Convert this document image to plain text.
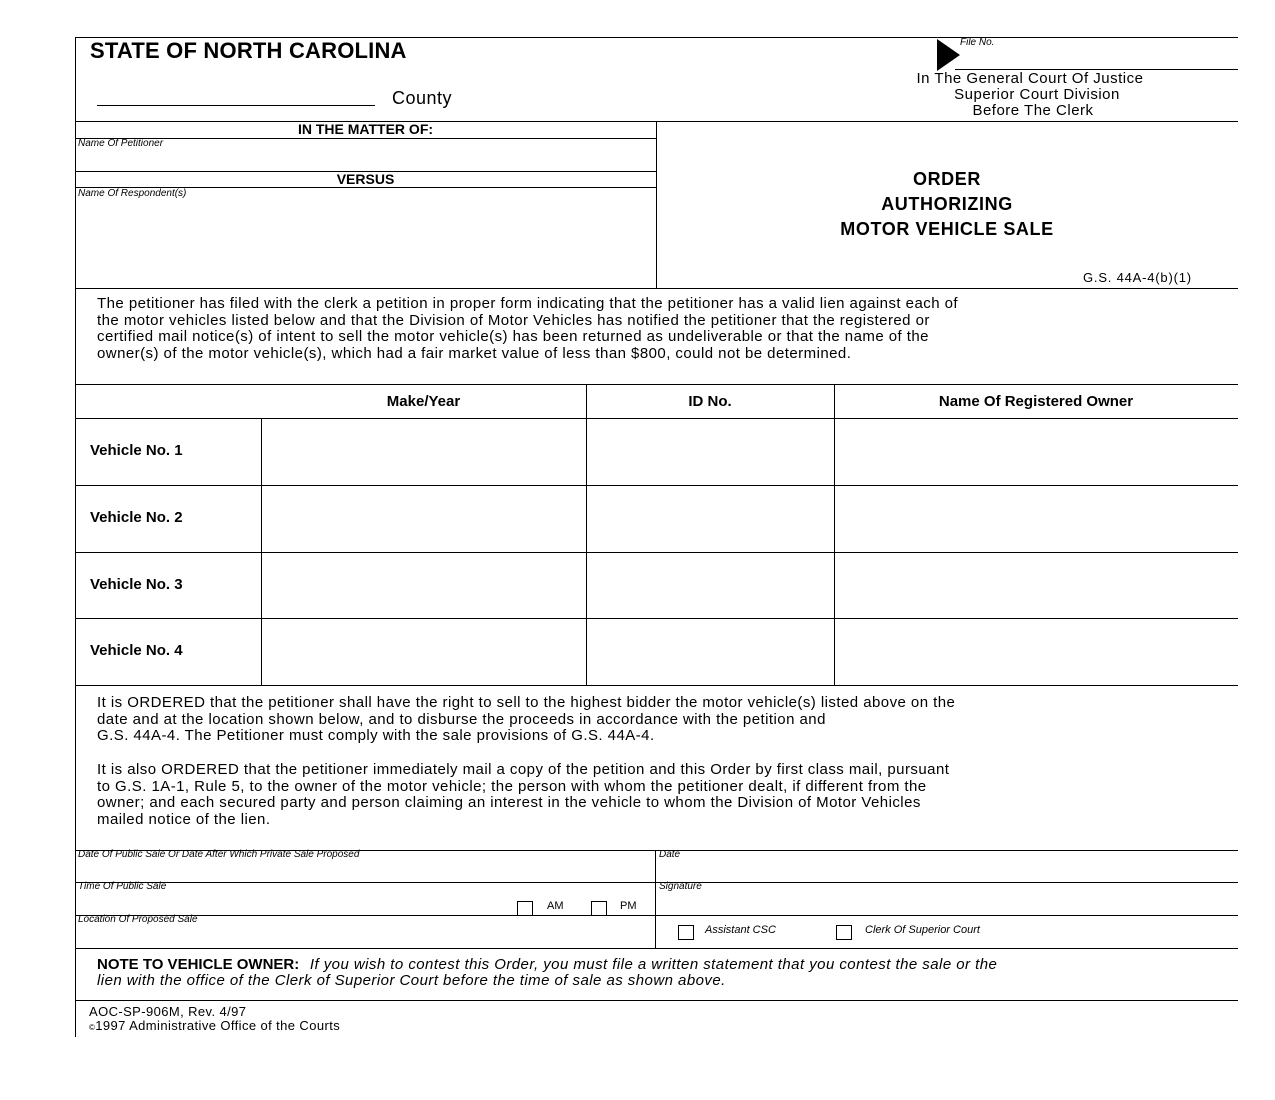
STATE OF NORTH CAROLINA
County
File No.
In The General Court Of Justice
Superior Court Division
Before The Clerk
IN THE MATTER OF:
Name Of Petitioner
VERSUS
Name Of Respondent(s)
ORDER
AUTHORIZING
MOTOR VEHICLE SALE
G.S. 44A-4(b)(1)
The petitioner has filed with the clerk a petition in proper form indicating that the petitioner has a valid lien against each of
the motor vehicles listed below and that the Division of Motor Vehicles has notified the petitioner that the registered or
certified mail notice(s) of intent to sell the motor vehicle(s) has been returned as undeliverable or that the name of the
owner(s) of the motor vehicle(s), which had a fair market value of less than $800, could not be determined.
Make/Year	ID No.	Name Of Registered Owner
Vehicle No. 1
Vehicle No. 2
Vehicle No. 3
Vehicle No. 4
It is ORDERED that the petitioner shall have the right to sell to the highest bidder the motor vehicle(s) listed above on the
date and at the location shown below, and to disburse the proceeds in accordance with the petition and
G.S. 44A-4. The Petitioner must comply with the sale provisions of G.S. 44A-4.
It is also ORDERED that the petitioner immediately mail a copy of the petition and this Order by first class mail, pursuant
to G.S. 1A-1, Rule 5, to the owner of the motor vehicle; the person with whom the petitioner dealt, if different from the
owner; and each secured party and person claiming an interest in the vehicle to whom the Division of Motor Vehicles
mailed notice of the lien.
Date Of Public Sale Or Date After Which Private Sale Proposed	Date
Time Of Public Sale
AM	PM
Signature
Location Of Proposed Sale
Assistant CSC	Clerk Of Superior Court
NOTE TO VEHICLE OWNER: If you wish to contest this Order, you must file a written statement that you contest the sale or the
lien with the office of the Clerk of Superior Court before the time of sale as shown above.
AOC-SP-906M, Rev. 4/97
©1997 Administrative Office of the Courts
